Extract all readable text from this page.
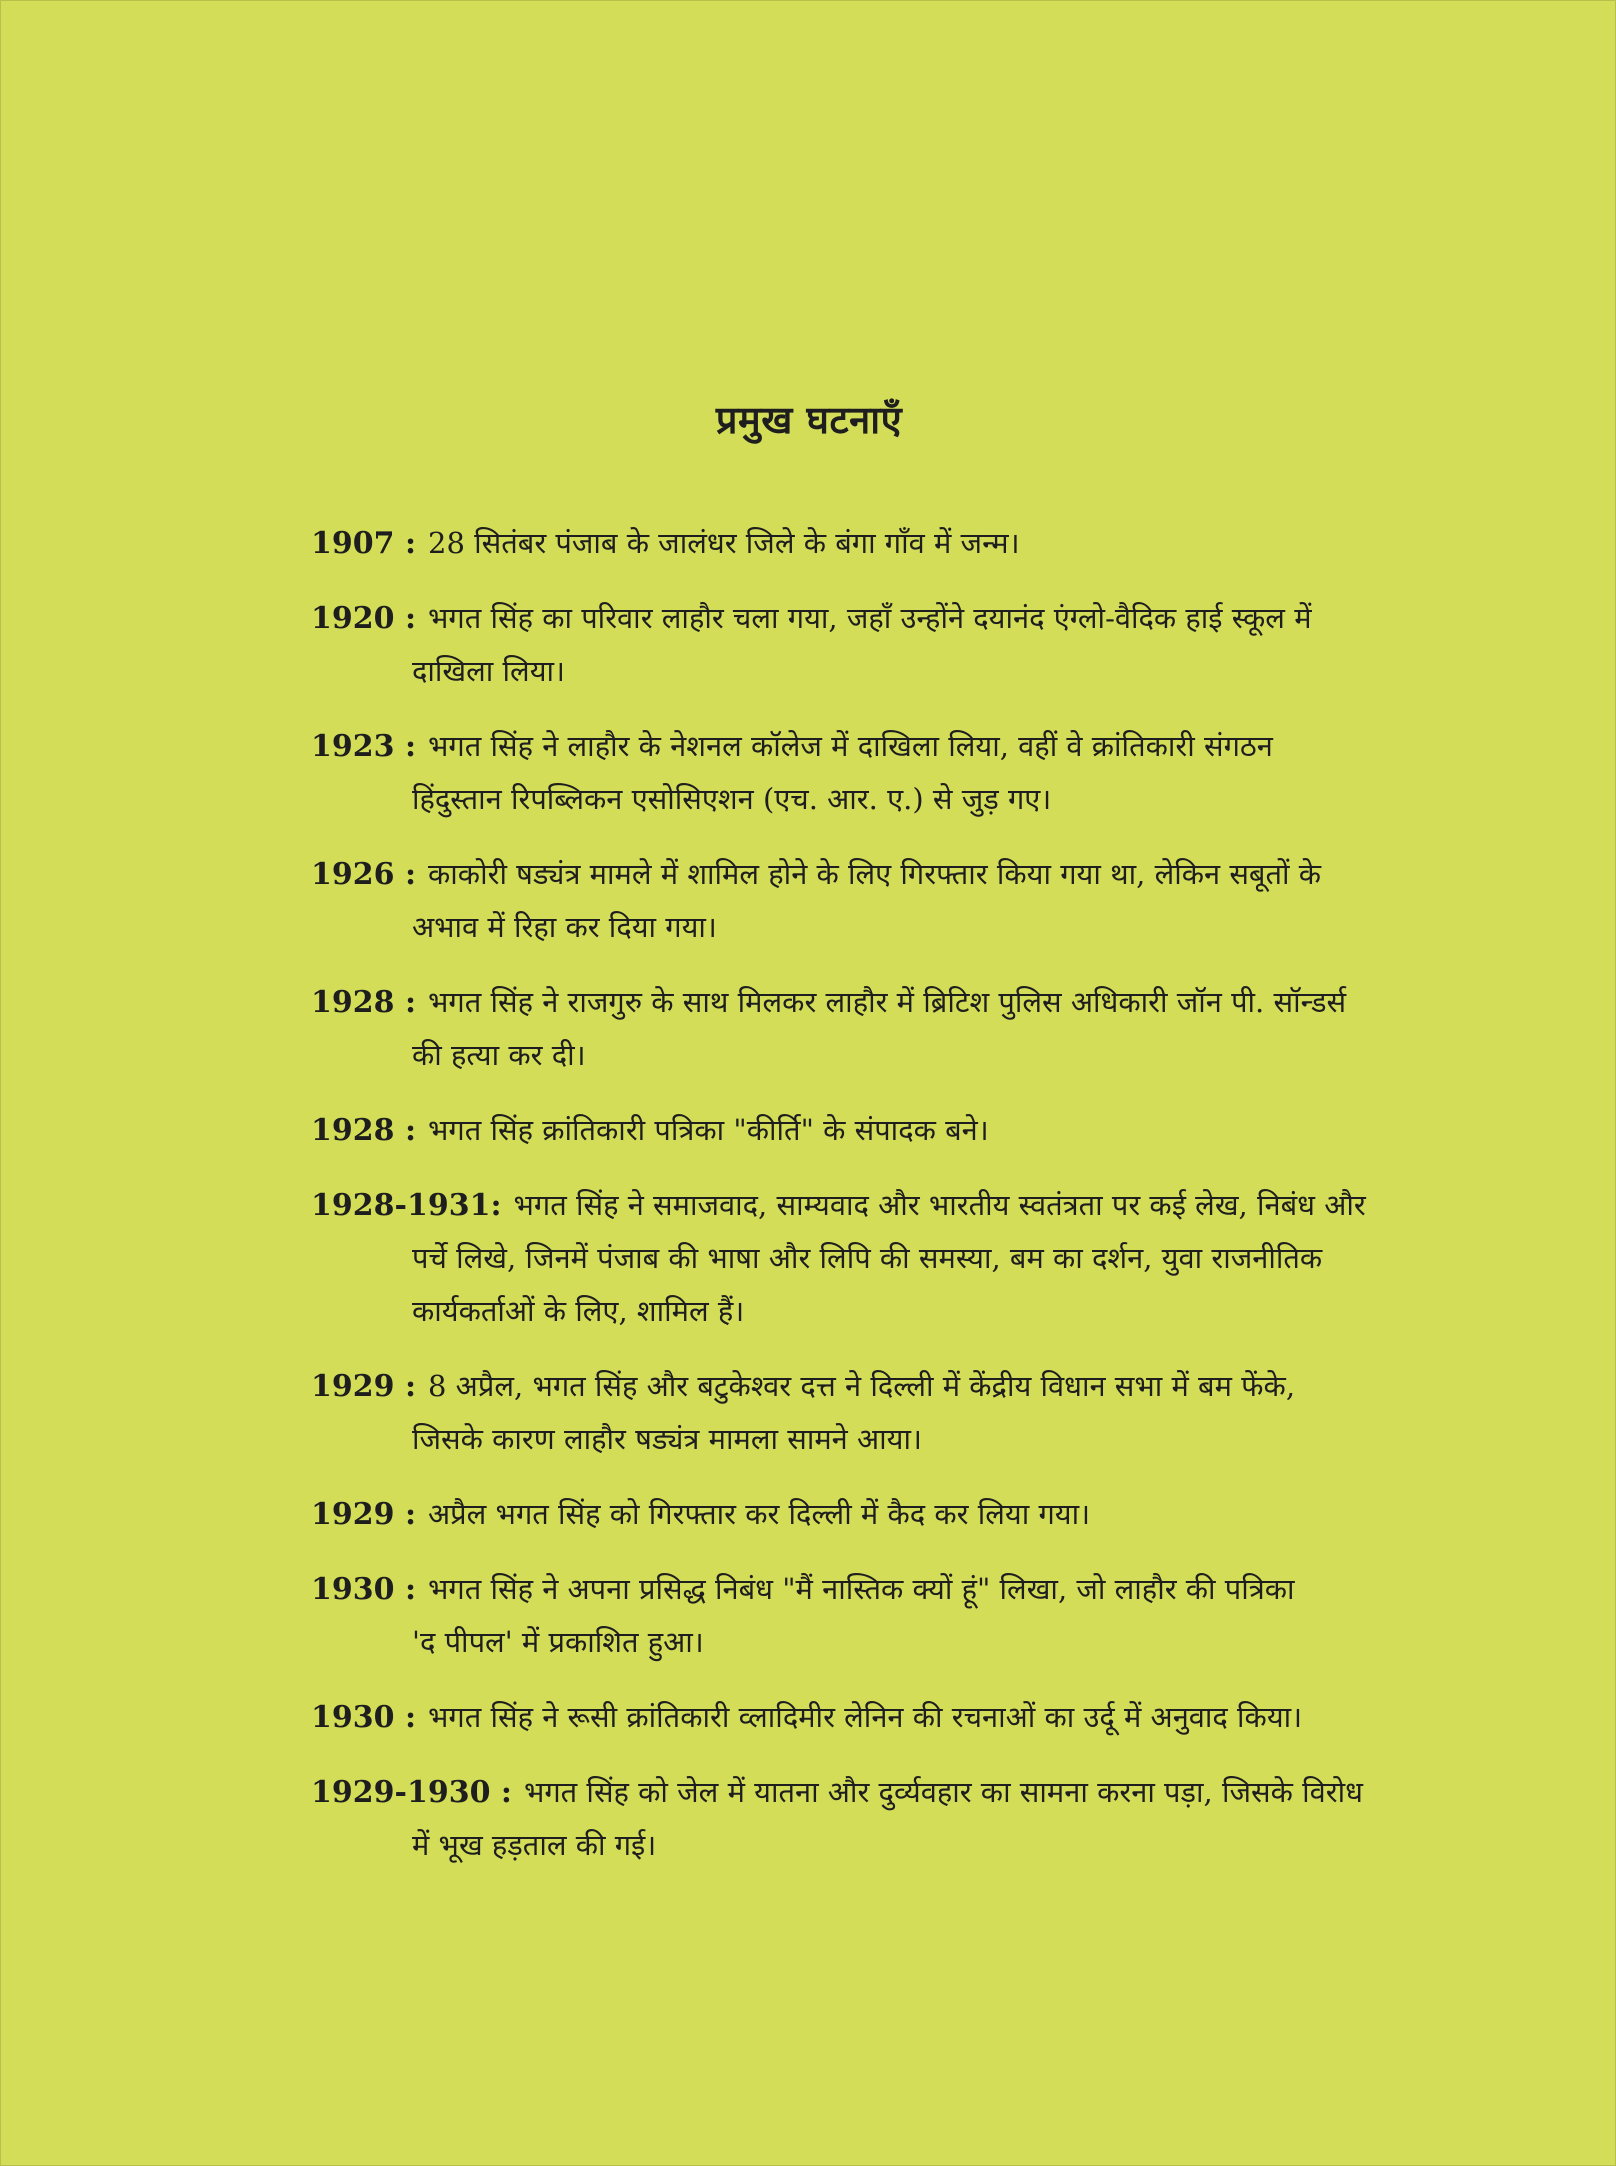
प्रमुख घटनाएँ
1907 : 28 सितंबर पंजाब के जालंधर जिले के बंगा गाँव में जन्म।
1920 : भगत सिंह का परिवार लाहौर चला गया, जहाँ उन्होंने दयानंद एंग्लो-वैदिक हाई स्कूल में
दाखिला लिया।
1923 : भगत सिंह ने लाहौर के नेशनल कॉलेज में दाखिला लिया, वहीं वे क्रांतिकारी संगठन
हिंदुस्तान रिपब्लिकन एसोसिएशन (एच. आर. ए.) से जुड़ गए।
1926 : काकोरी षड्यंत्र मामले में शामिल होने के लिए गिरफ्तार किया गया था, लेकिन सबूतों के
अभाव में रिहा कर दिया गया।
1928 : भगत सिंह ने राजगुरु के साथ मिलकर लाहौर में ब्रिटिश पुलिस अधिकारी जॉन पी. सॉन्डर्स
की हत्या कर दी।
1928 : भगत सिंह क्रांतिकारी पत्रिका "कीर्ति" के संपादक बने।
1928-1931: भगत सिंह ने समाजवाद, साम्यवाद और भारतीय स्वतंत्रता पर कई लेख, निबंध और
पर्चे लिखे, जिनमें पंजाब की भाषा और लिपि की समस्या, बम का दर्शन, युवा राजनीतिक
कार्यकर्ताओं के लिए, शामिल हैं।
1929 : 8 अप्रैल, भगत सिंह और बटुकेश्वर दत्त ने दिल्ली में केंद्रीय विधान सभा में बम फेंके,
जिसके कारण लाहौर षड्यंत्र मामला सामने आया।
1929 : अप्रैल भगत सिंह को गिरफ्तार कर दिल्ली में कैद कर लिया गया।
1930 : भगत सिंह ने अपना प्रसिद्ध निबंध "मैं नास्तिक क्यों हूं" लिखा, जो लाहौर की पत्रिका
'द पीपल' में प्रकाशित हुआ।
1930 : भगत सिंह ने रूसी क्रांतिकारी व्लादिमीर लेनिन की रचनाओं का उर्दू में अनुवाद किया।
1929-1930 : भगत सिंह को जेल में यातना और दुर्व्यवहार का सामना करना पड़ा, जिसके विरोध
में भूख हड़ताल की गई।
